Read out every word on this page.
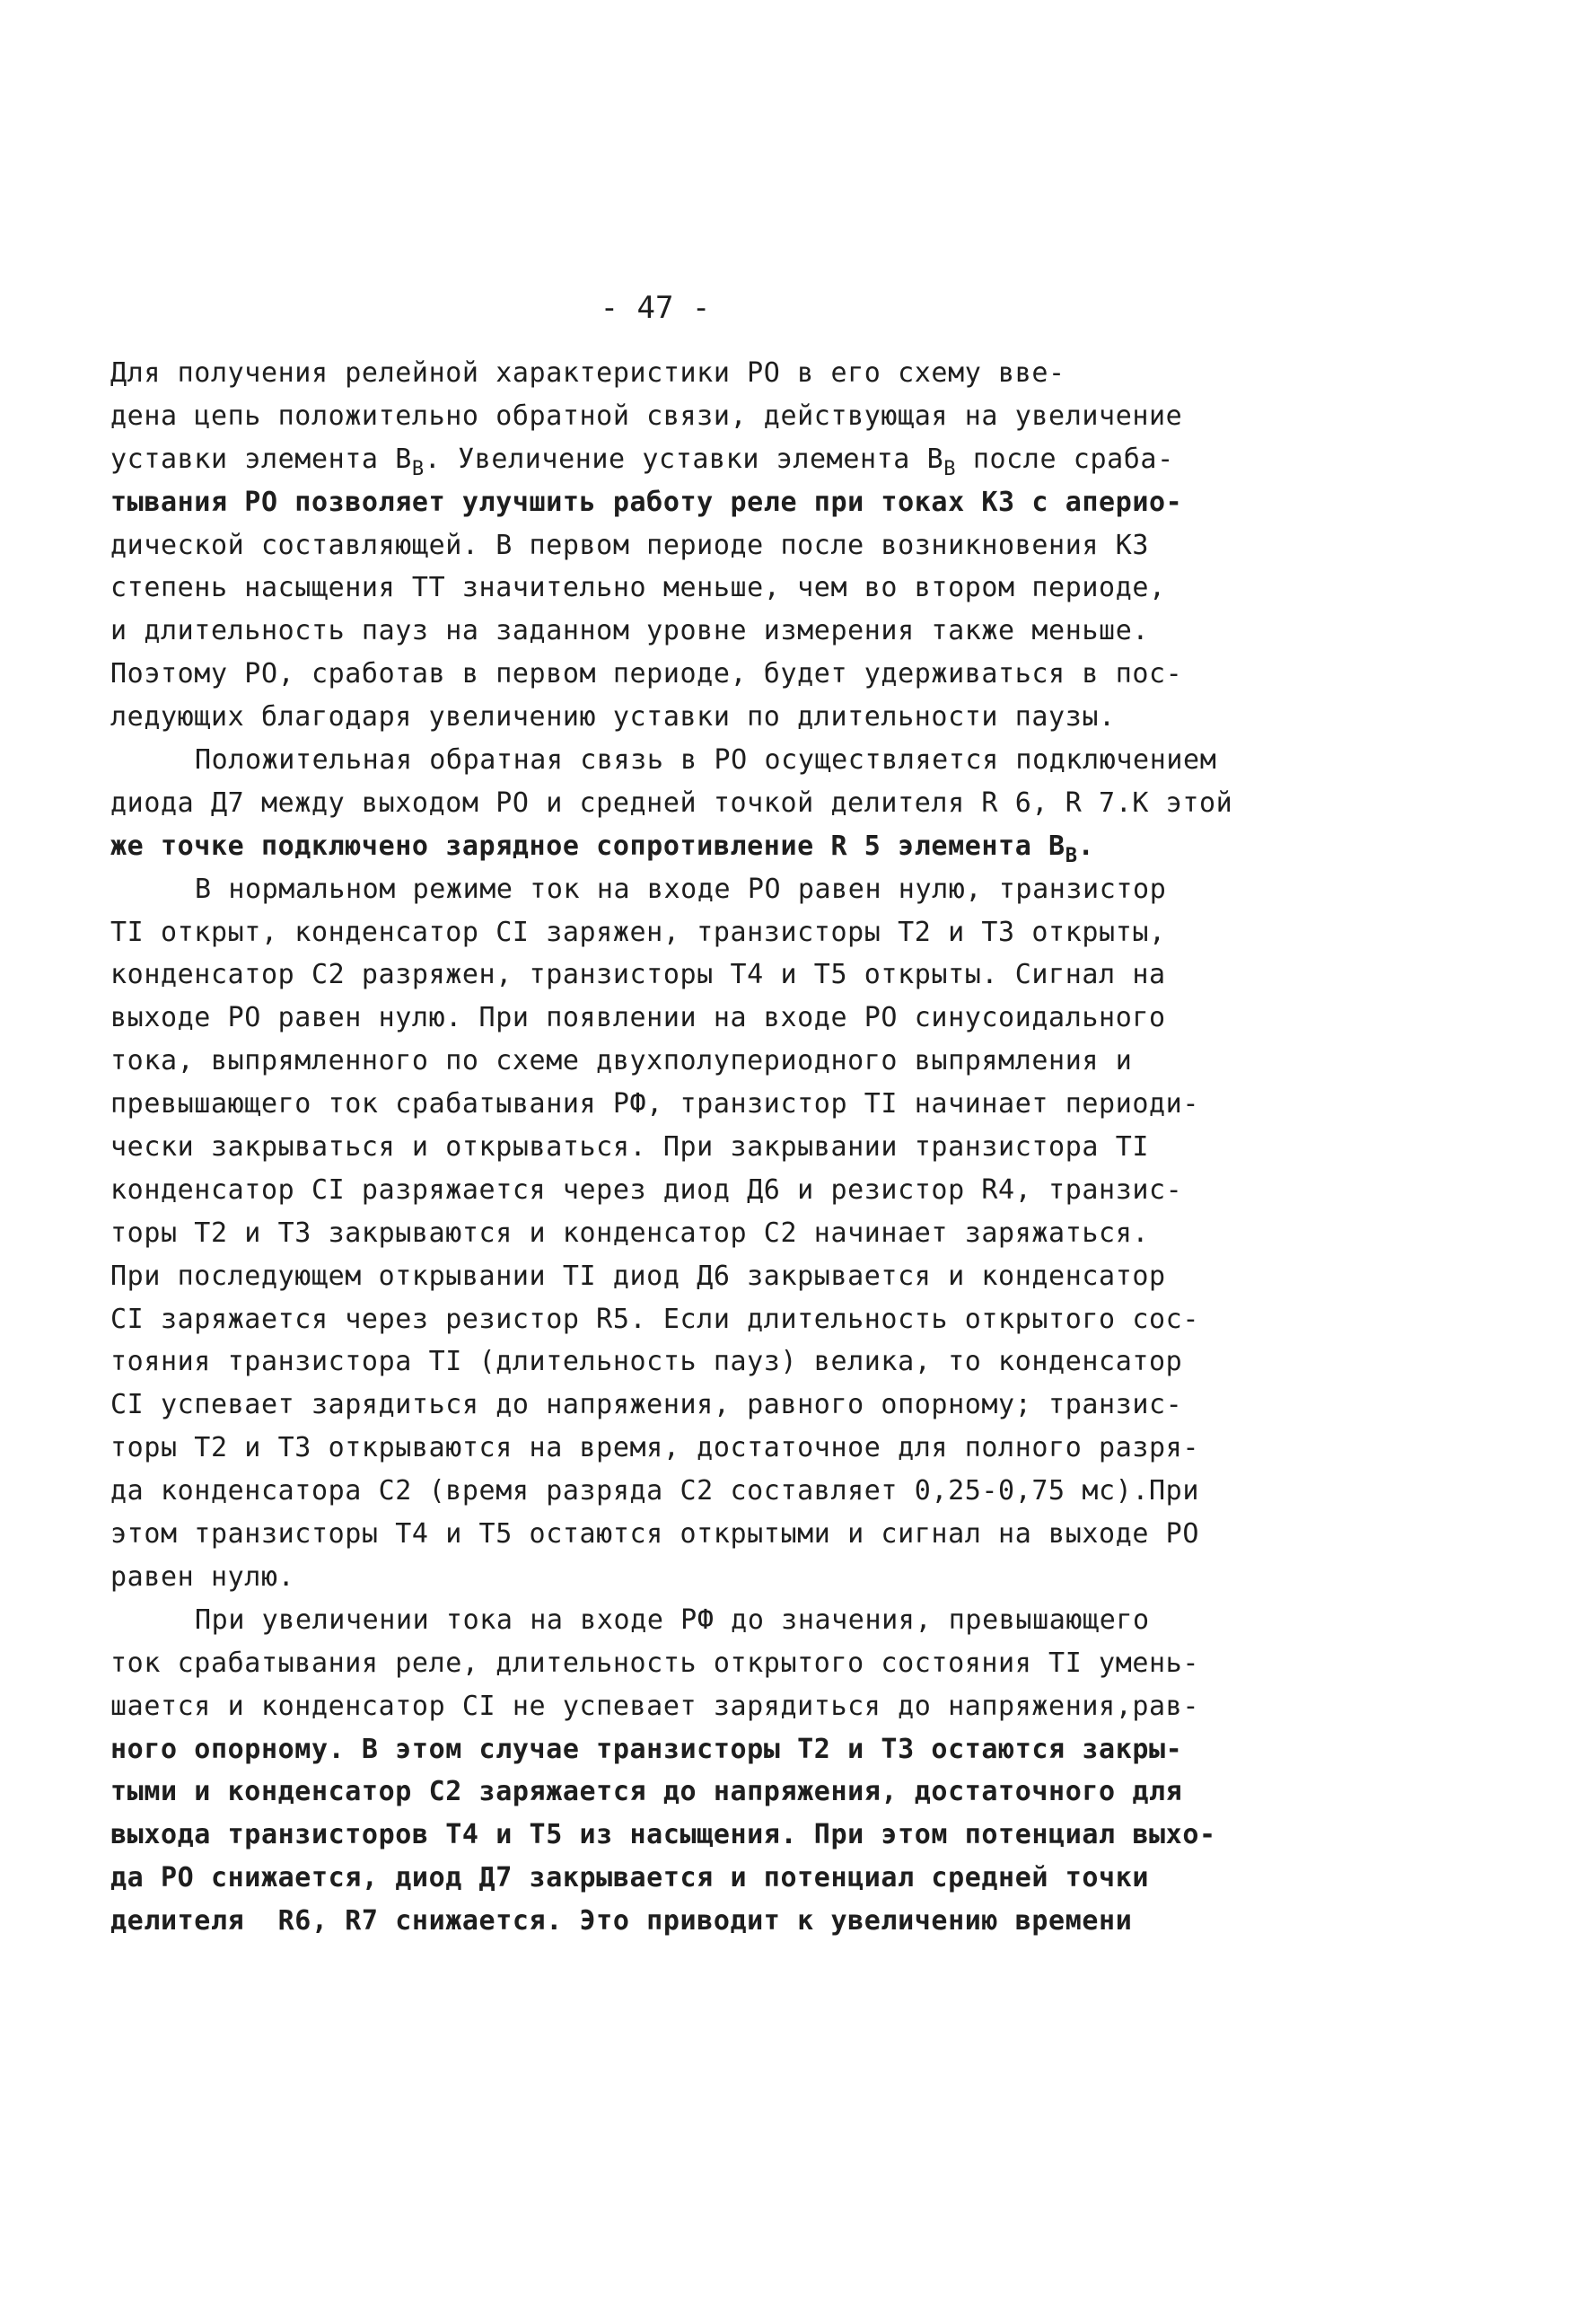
- 47 -
Для получения релейной характеристики РО в его схему вве-
дена цепь положительно обратной связи, действующая на увеличение
уставки элемента $В_В$. Увеличение уставки элемента $В_В$ после сраба-
тывания РО позволяет улучшить работу реле при токах КЗ с аперио-
дической составляющей. В первом периоде после возникновения КЗ
степень насыщения ТТ значительно меньше, чем во втором периоде,
и длительность пауз на заданном уровне измерения также меньше.
Поэтому РО, сработав в первом периоде, будет удерживаться в пос-
ледующих благодаря увеличению уставки по длительности паузы.
Положительная обратная связь в РО осуществляется подключением
диода Д7 между выходом РО и средней точкой делителя R 6, R 7.К этой
же точке подключено зарядное сопротивление R 5 элемента $В_В$.
В нормальном режиме ток на входе РО равен нулю, транзистор
ТI открыт, конденсатор СI заряжен, транзисторы Т2 и Т3 открыты,
конденсатор С2 разряжен, транзисторы Т4 и Т5 открыты. Сигнал на
выходе РО равен нулю. При появлении на входе РО синусоидального
тока, выпрямленного по схеме двухполупериодного выпрямления и
превышающего ток срабатывания РФ, транзистор ТI начинает периоди-
чески закрываться и открываться. При закрывании транзистора ТI
конденсатор СI разряжается через диод Д6 и резистор R4, транзис-
торы Т2 и Т3 закрываются и конденсатор С2 начинает заряжаться.
При последующем открывании ТI диод Д6 закрывается и конденсатор
СI заряжается через резистор R5. Если длительность открытого сос-
тояния транзистора ТI (длительность пауз) велика, то конденсатор
СI успевает зарядиться до напряжения, равного опорному; транзис-
торы Т2 и Т3 открываются на время, достаточное для полного разря-
да конденсатора С2 (время разряда С2 составляет 0,25-0,75 мс).При
этом транзисторы Т4 и Т5 остаются открытыми и сигнал на выходе РО
равен нулю.
При увеличении тока на входе РФ до значения, превышающего
ток срабатывания реле, длительность открытого состояния ТI умень-
шается и конденсатор СI не успевает зарядиться до напряжения,рав-
ного опорному. В этом случае транзисторы Т2 и Т3 остаются закры-
тыми и конденсатор С2 заряжается до напряжения, достаточного для
выхода транзисторов Т4 и Т5 из насыщения. При этом потенциал выхо-
да РО снижается, диод Д7 закрывается и потенциал средней точки
делителя  R6, R7 снижается. Это приводит к увеличению времени
